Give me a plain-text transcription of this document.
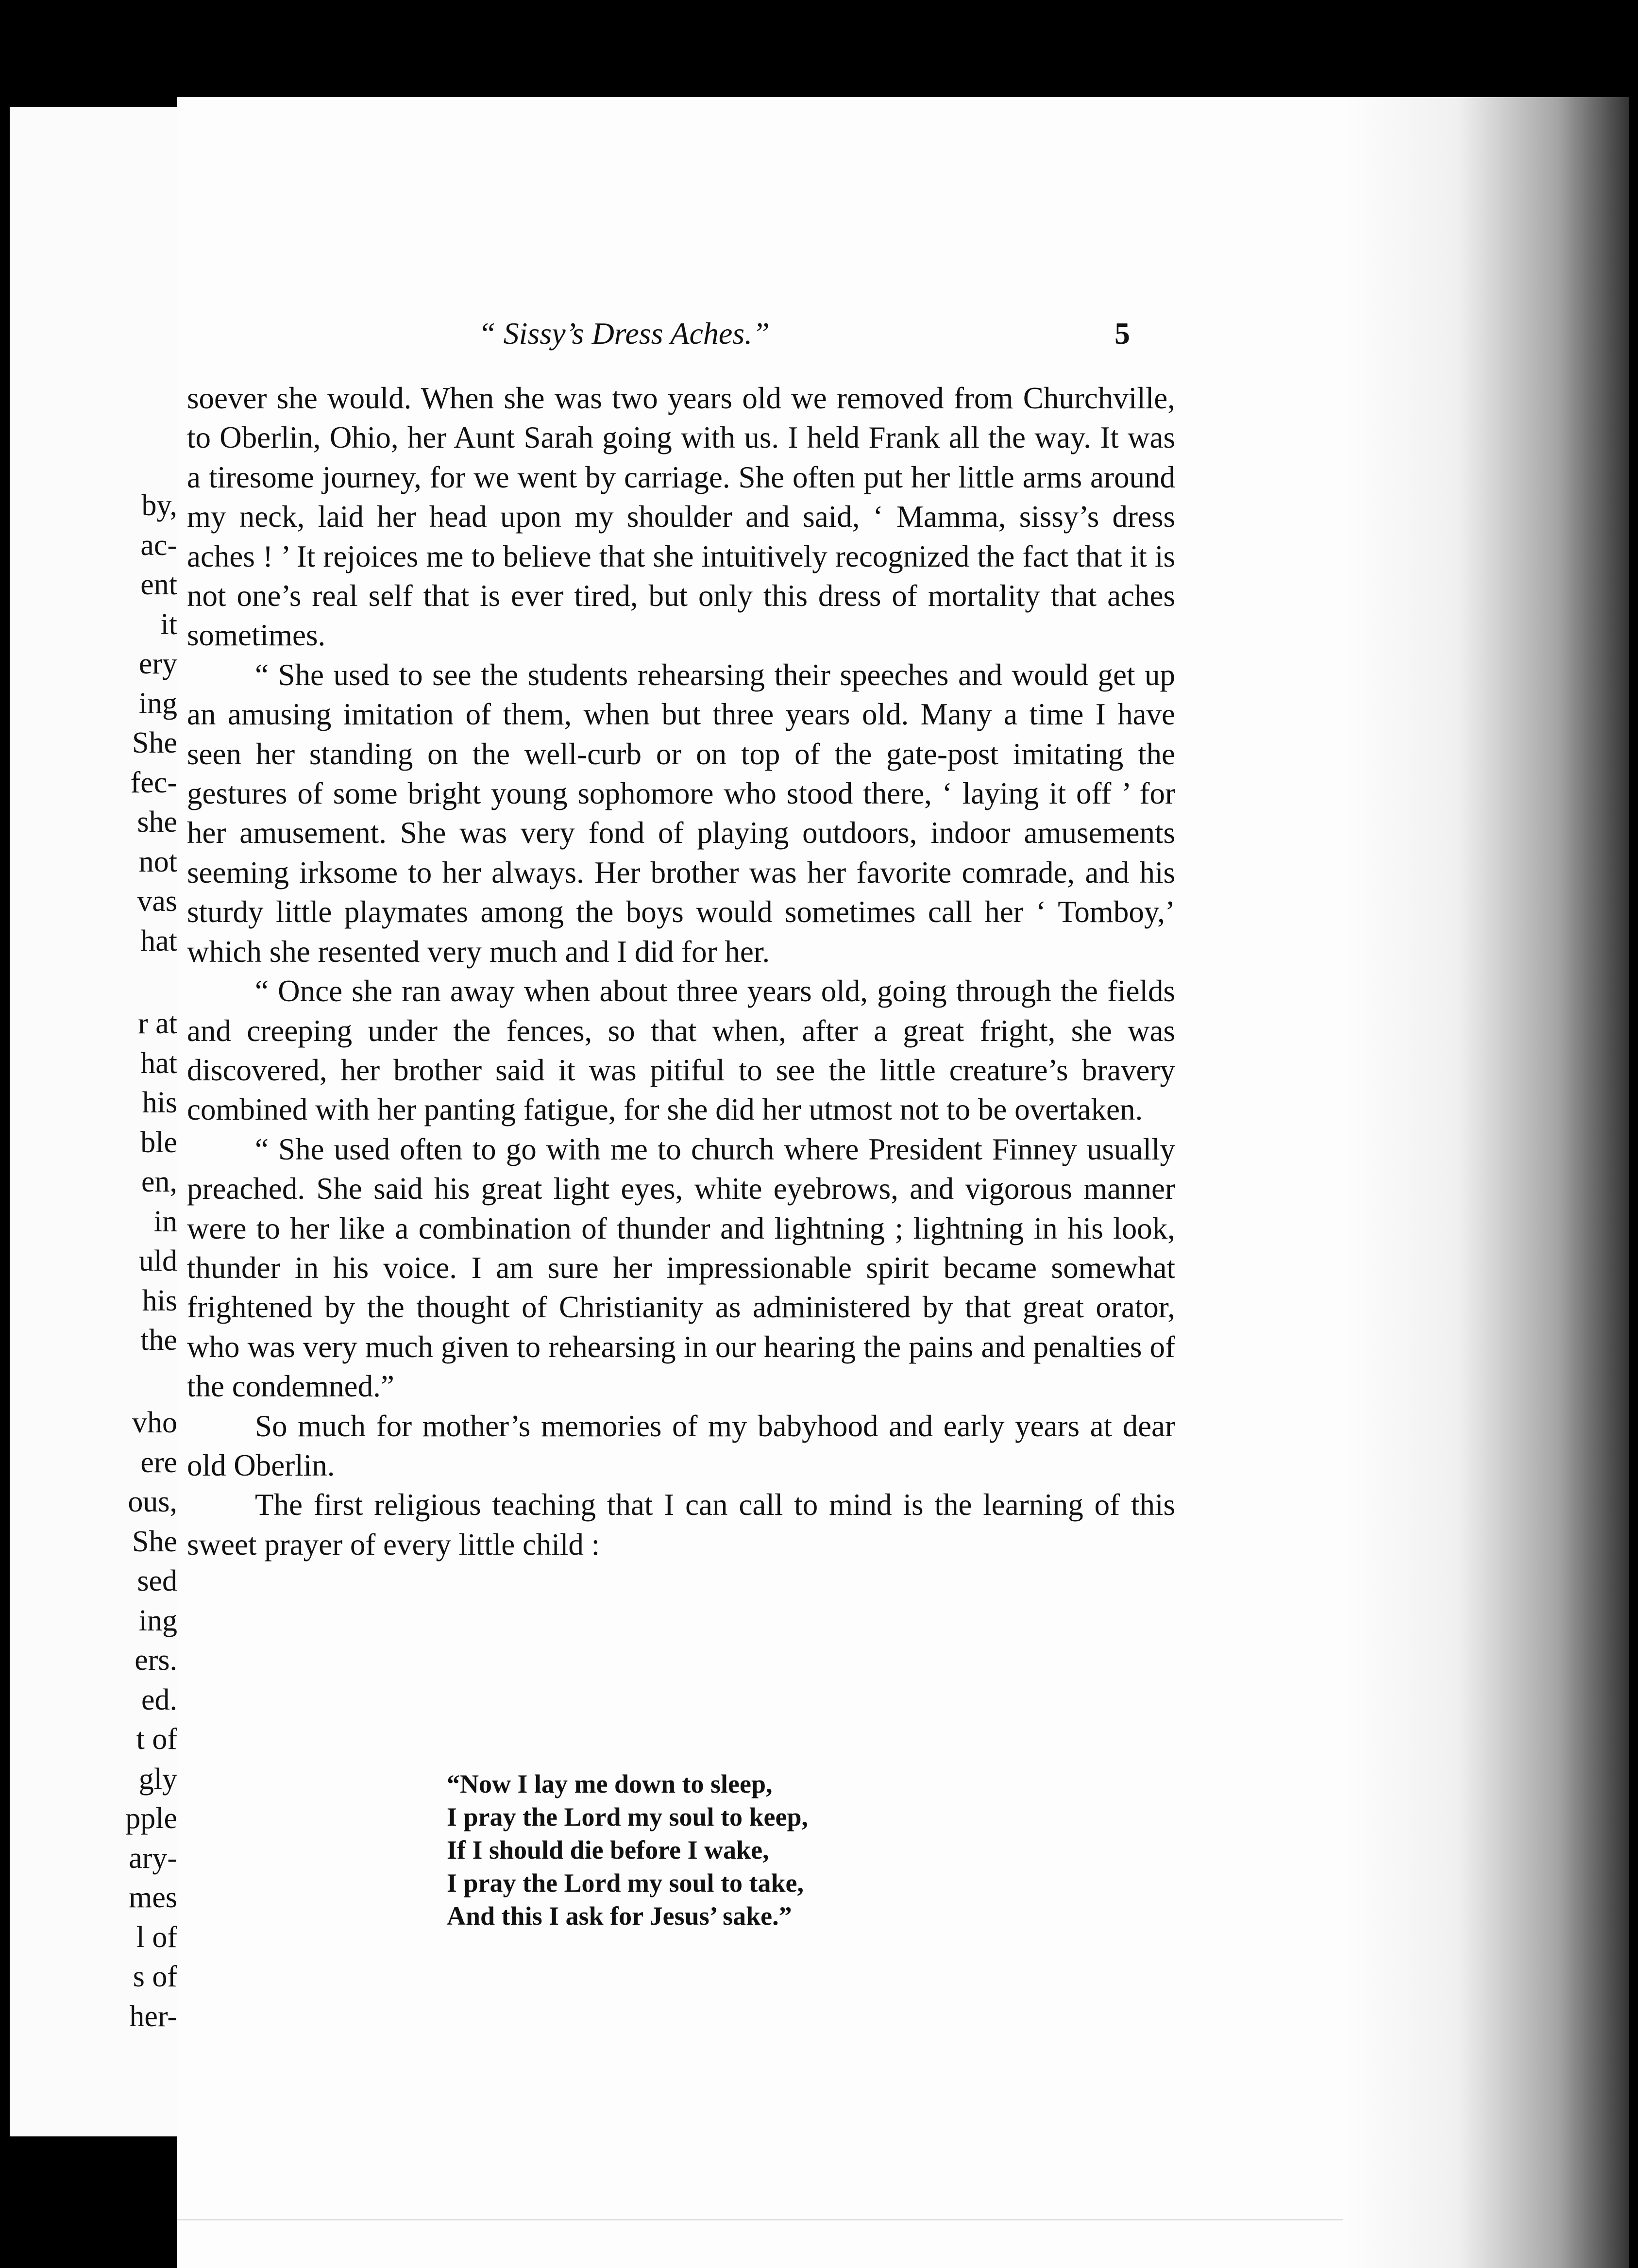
by,
ac-
ent
it
ery
ing
She
fec-
she
not
vas
hat
r at
hat
his
ble
en,
in
uld
his
the
vho
ere
ous,
She
sed
ing
ers.
ed.
t of
gly
pple
ary-
mes
l of
s of
her-
“ Sissy’s Dress Aches.”	5

soever she would. When she was two years old we removed from Churchville, to Oberlin, Ohio, her Aunt Sarah going with us. I held Frank all the way. It was a tiresome journey, for we went by carriage. She often put her little arms around my neck, laid her head upon my shoulder and said, ‘ Mamma, sissy’s dress aches ! ’ It rejoices me to believe that she intuitively recognized the fact that it is not one’s real self that is ever tired, but only this dress of mortality that aches sometimes.

“ She used to see the students rehearsing their speeches and would get up an amusing imitation of them, when but three years old. Many a time I have seen her standing on the well-curb or on top of the gate-post imitating the gestures of some bright young sophomore who stood there, ‘ laying it off ’ for her amusement. She was very fond of playing outdoors, indoor amusements seeming irksome to her always. Her brother was her favorite comrade, and his sturdy little playmates among the boys would sometimes call her ‘ Tomboy,’ which she resented very much and I did for her.

“ Once she ran away when about three years old, going through the fields and creeping under the fences, so that when, after a great fright, she was discovered, her brother said it was pitiful to see the little creature’s bravery combined with her panting fatigue, for she did her utmost not to be overtaken.

“ She used often to go with me to church where President Finney usually preached. She said his great light eyes, white eyebrows, and vigorous manner were to her like a combination of thunder and lightning ; lightning in his look, thunder in his voice. I am sure her impressionable spirit became somewhat frightened by the thought of Christianity as administered by that great orator, who was very much given to rehearsing in our hearing the pains and penalties of the condemned.”

So much for mother’s memories of my babyhood and early years at dear old Oberlin.

The first religious teaching that I can call to mind is the learning of this sweet prayer of every little child :

“Now I lay me down to sleep,
I pray the Lord my soul to keep,
If I should die before I wake,
I pray the Lord my soul to take,
And this I ask for Jesus’ sake.”
